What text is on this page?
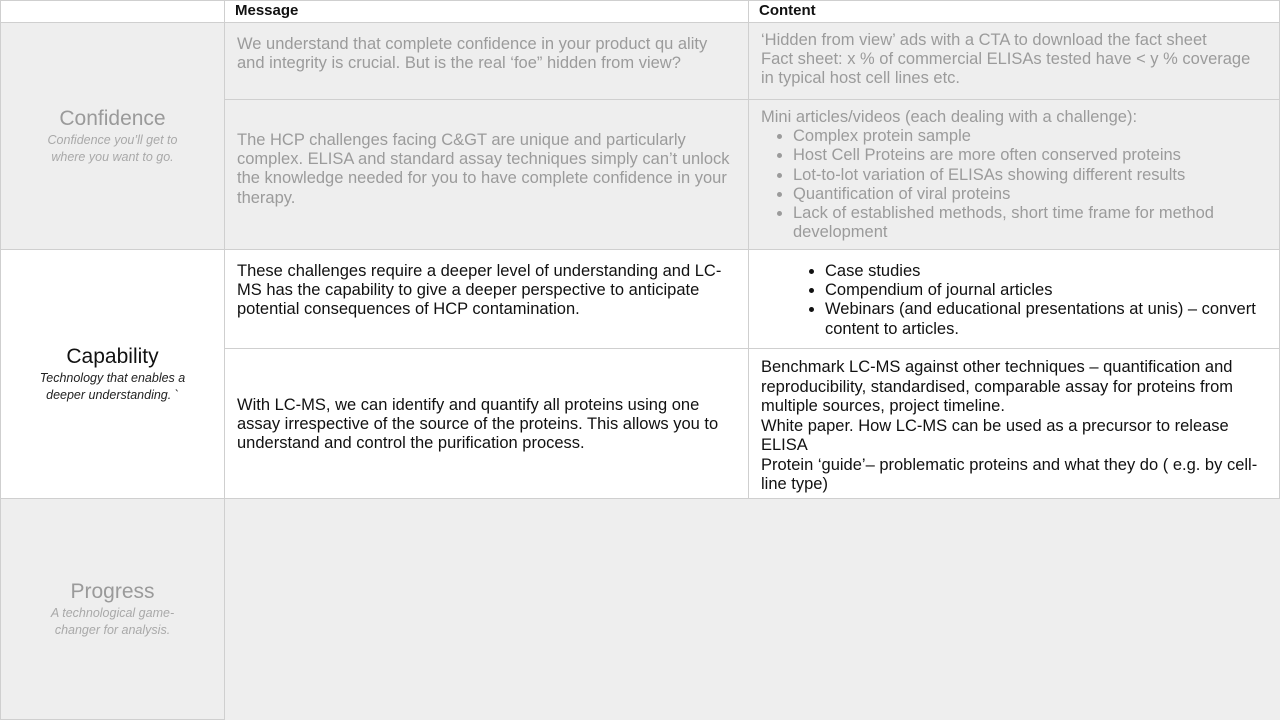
Message	Content
Confidence
Confidence you’ll get to where you want to go.
We understand that complete confidence in your product qu ality and integrity is crucial. But is the real ‘foe” hidden from view?
‘Hidden from view’ ads with a CTA to download the fact sheet
Fact sheet: x % of commercial ELISAs tested have < y % coverage in typical host cell lines etc.
The HCP challenges facing C&GT are unique and particularly complex. ELISA and standard assay techniques simply can’t unlock the knowledge needed for you to have complete confidence in your therapy.
Mini articles/videos (each dealing with a challenge):
• Complex protein sample
• Host Cell Proteins are more often conserved proteins
• Lot-to-lot variation of ELISAs showing different results
• Quantification of viral proteins
• Lack of established methods, short time frame for method development
Capability
Technology that enables a deeper understanding. `
These challenges require a deeper level of understanding and LC-MS has the capability to give a deeper perspective to anticipate potential consequences of HCP contamination.
• Case studies
• Compendium of journal articles
• Webinars (and educational presentations at unis) – convert content to articles.
With LC-MS, we can identify and quantify all proteins using one assay irrespective of the source of the proteins. This allows you to understand and control the purification process.
Benchmark LC-MS against other techniques – quantification and reproducibility, standardised, comparable assay for proteins from multiple sources, project timeline.
White paper. How LC-MS can be used as a precursor to release ELISA
Protein ‘guide’– problematic proteins and what they do ( e.g. by cell-line type)
Progress
A technological game-changer for analysis.
